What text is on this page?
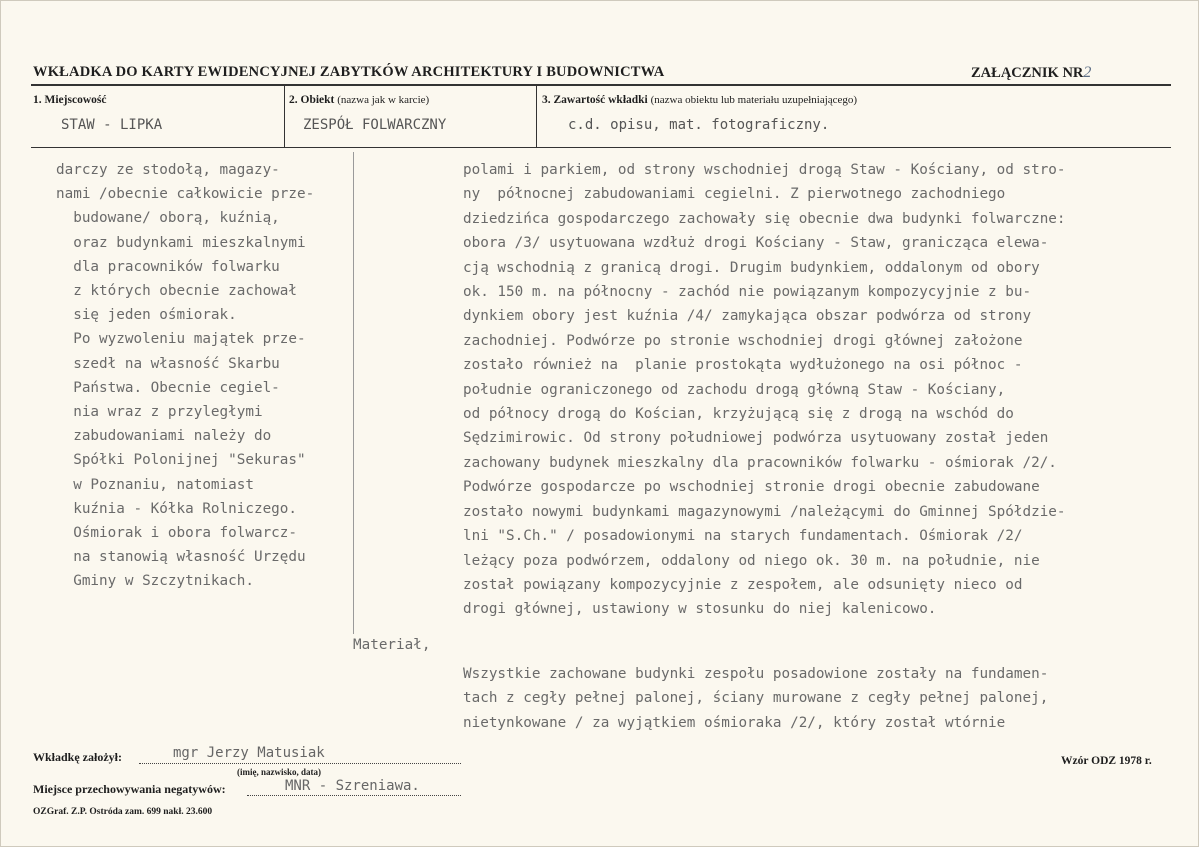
WKŁADKA DO KARTY EWIDENCYJNEJ ZABYTKÓW ARCHITEKTURY I BUDOWNICTWA	ZAŁĄCZNIK NR2
1. Miejscowość
STAW - LIPKA
2. Obiekt (nazwa jak w karcie)
ZESPÓŁ FOLWARCZNY
3. Zawartość wkładki (nazwa obiektu lub materiału uzupełniającego)
c.d. opisu, mat. fotograficzny.
darczy ze stodołą, magazy-
nami /obecnie całkowicie prze-
budowane/ oborą, kuźnią,
oraz budynkami mieszkalnymi
dla pracowników folwarku
z których obecnie zachował
się jeden ośmiorak.
Po wyzwoleniu majątek prze-
szedł na własność Skarbu
Państwa. Obecnie cegiel-
nia wraz z przyległymi
zabudowaniami należy do
Spółki Polonijnej "Sekuras"
w Poznaniu, natomiast
kuźnia - Kółka Rolniczego.
Ośmiorak i obora folwarcz-
na stanowią własność Urzędu
Gminy w Szczytnikach.
polami i parkiem, od strony wschodniej drogą Staw - Kościany, od stro-
ny  północnej zabudowaniami cegielni. Z pierwotnego zachodniego
dziedzińca gospodarczego zachowały się obecnie dwa budynki folwarczne:
obora /3/ usytuowana wzdłuż drogi Kościany - Staw, granicząca elewa-
cją wschodnią z granicą drogi. Drugim budynkiem, oddalonym od obory
ok. 150 m. na północny - zachód nie powiązanym kompozycyjnie z bu-
dynkiem obory jest kuźnia /4/ zamykająca obszar podwórza od strony
zachodniej. Podwórze po stronie wschodniej drogi głównej założone
zostało również na  planie prostokąta wydłużonego na osi północ -
południe ograniczonego od zachodu drogą główną Staw - Kościany,
od północy drogą do Kościan, krzyżującą się z drogą na wschód do
Sędzimirowic. Od strony południowej podwórza usytuowany został jeden
zachowany budynek mieszkalny dla pracowników folwarku - ośmiorak /2/.
Podwórze gospodarcze po wschodniej stronie drogi obecnie zabudowane
zostało nowymi budynkami magazynowymi /należącymi do Gminnej Spółdzie-
lni "S.Ch." / posadowionymi na starych fundamentach. Ośmiorak /2/
leżący poza podwórzem, oddalony od niego ok. 30 m. na południe, nie
został powiązany kompozycyjnie z zespołem, ale odsunięty nieco od
drogi głównej, ustawiony w stosunku do niej kalenicowo.
Materiał,
Wszystkie zachowane budynki zespołu posadowione zostały na fundamen-
tach z cegły pełnej palonej, ściany murowane z cegły pełnej palonej,
nietynkowane / za wyjątkiem ośmioraka /2/, który został wtórnie
Wkładkę założył:	mgr Jerzy Matusiak
(imię, nazwisko, data)
Miejsce przechowywania negatywów:	MNR - Szreniawa.
OZGraf. Z.P. Ostróda zam. 699 nakł. 23.600
Wzór ODZ 1978 r.
